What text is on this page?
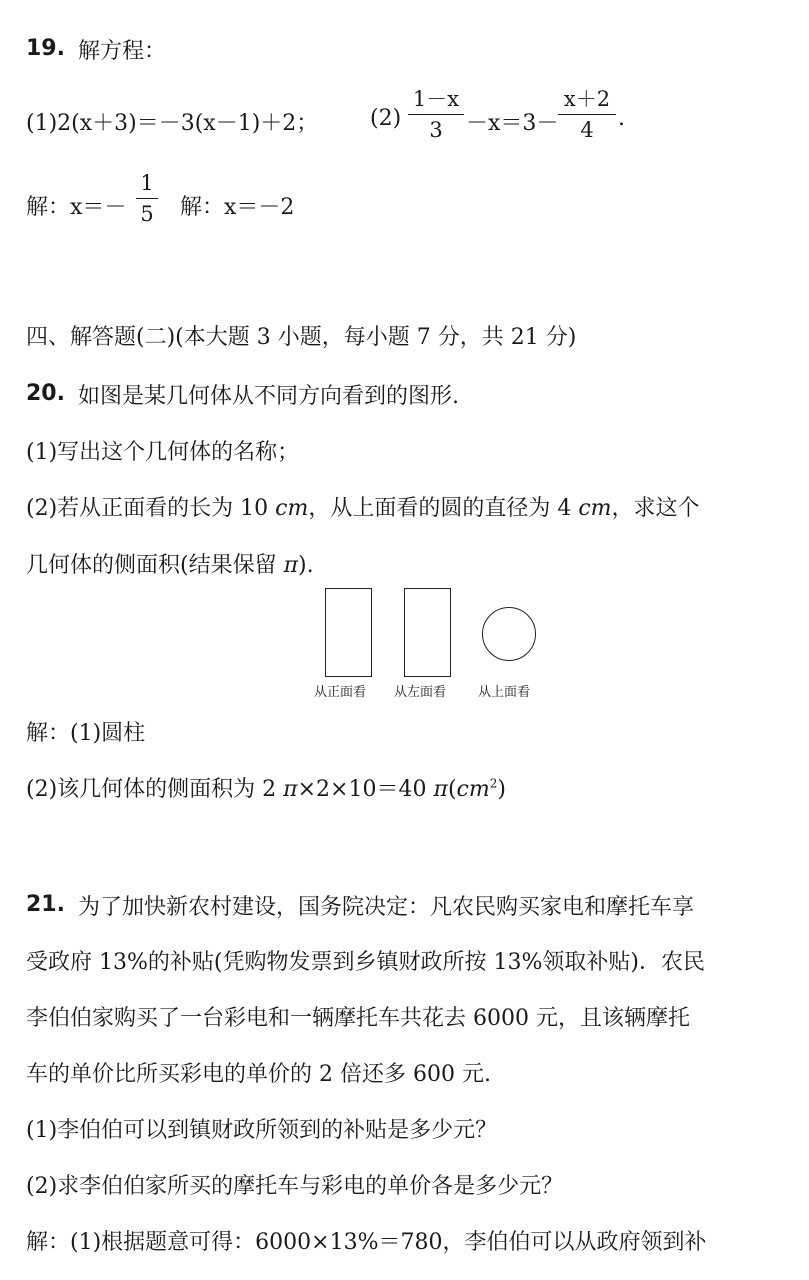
19. 解方程：
(1)2(x＋3)＝－3(x－1)＋2； (2)
1－x
3	－x＝3－
x＋2
4	.
解：x＝－
1
5 解：x＝－2
四、解答题(二)(本大题 3 小题，每小题 7 分，共 21 分)
20. 如图是某几何体从不同方向看到的图形.
(1)写出这个几何体的名称；
(2)若从正面看的长为 10 cm，从上面看的圆的直径为 4 cm，求这个
几何体的侧面积(结果保留 π).
从正面看 从左面看 从上面看
解：(1)圆柱
(2)该几何体的侧面积为 2 π×2×10＝40 $\pi(cm^2)$
21. 为了加快新农村建设，国务院决定：凡农民购买家电和摩托车享
受政府 13%的补贴(凭购物发票到乡镇财政所按 13%领取补贴)．农民
李伯伯家购买了一台彩电和一辆摩托车共花去 6000 元，且该辆摩托
车的单价比所买彩电的单价的 2 倍还多 600 元.
(1)李伯伯可以到镇财政所领到的补贴是多少元？
(2)求李伯伯家所买的摩托车与彩电的单价各是多少元？
解：(1)根据题意可得：6000×13%＝780，李伯伯可以从政府领到补
